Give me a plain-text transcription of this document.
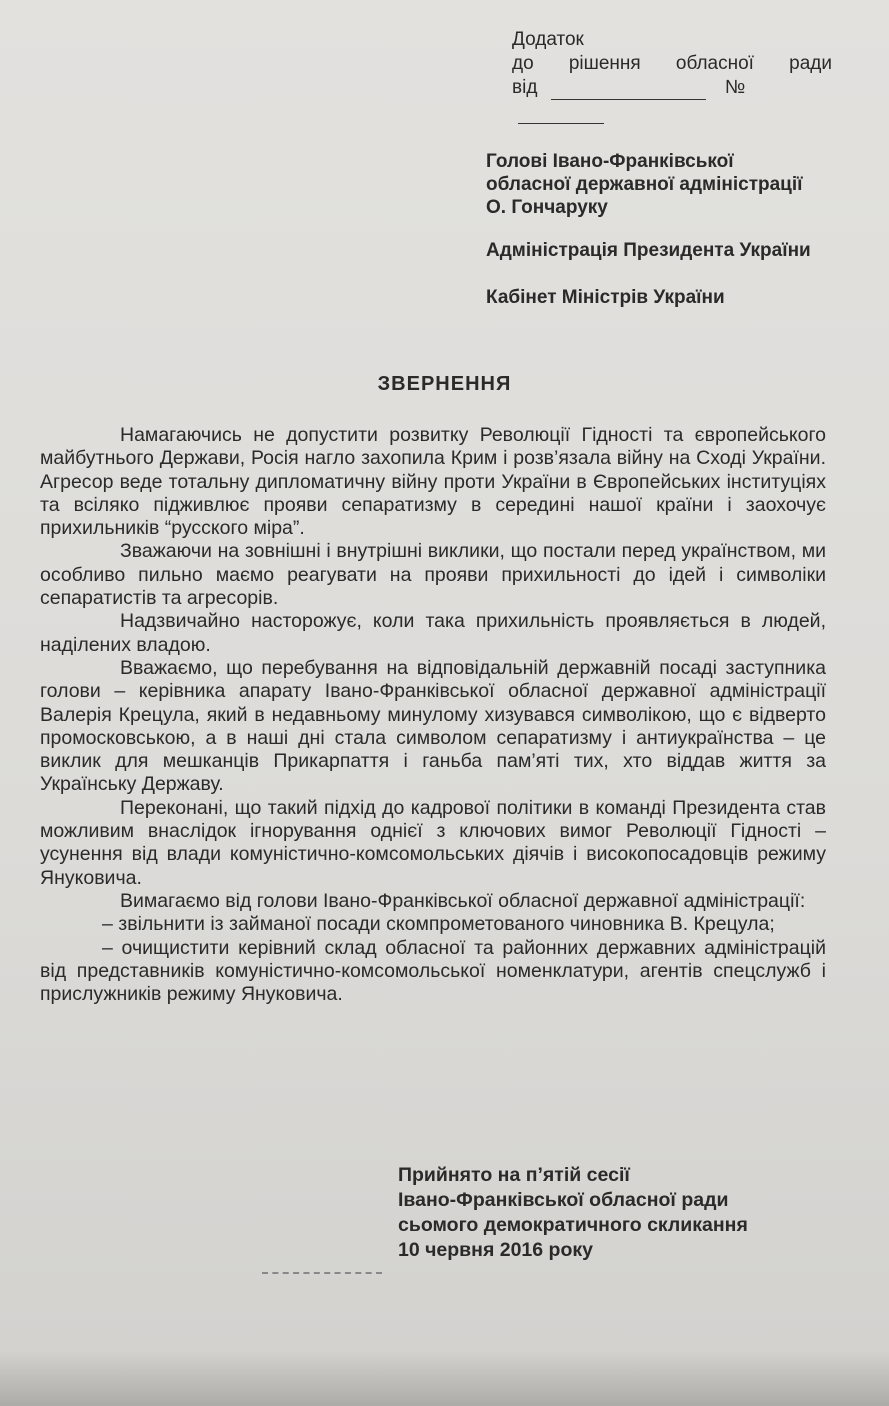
Додаток
до рішення обласної ради
від	№
Голові Івано-Франківської
обласної державної адміністрації
О. Гончаруку
Адміністрація Президента України
Кабінет Міністрів України
ЗВЕРНЕННЯ

Намагаючись не допустити розвитку Революції Гідності та європейського майбутнього Держави, Росія нагло захопила Крим і розв’язала війну на Сході України. Агресор веде тотальну дипломатичну війну проти України в Європейських інституціях та всіляко підживлює прояви сепаратизму в середині нашої країни і заохочує прихильників “русского міра”.

Зважаючи на зовнішні і внутрішні виклики, що постали перед українством, ми особливо пильно маємо реагувати на прояви прихильності до ідей і символіки сепаратистів та агресорів.

Надзвичайно насторожує, коли така прихильність проявляється в людей, наділених владою.

Вважаємо, що перебування на відповідальній державній посаді заступника голови – керівника апарату Івано-Франківської обласної державної адміністрації Валерія Крецула, який в недавньому минулому хизувався символікою, що є відверто промосковською, а в наші дні стала символом сепаратизму і антиукраїнства – це виклик для мешканців Прикарпаття і ганьба пам’яті тих, хто віддав життя за Українську Державу.

Переконані, що такий підхід до кадрової політики в команді Президента став можливим внаслідок ігнорування однієї з ключових вимог Революції Гідності – усунення від влади комуністично-комсомольських діячів і високопосадовців режиму Януковича.

Вимагаємо від голови Івано-Франківської обласної державної адміністрації:

– звільнити із займаної посади скомпрометованого чиновника В. Крецула;

– очищистити керівний склад обласної та районних державних адміністрацій від представників комуністично-комсомольської номенклатури, агентів спецслужб і прислужників режиму Януковича.

Прийнято на п’ятій сесії
Івано-Франківської обласної ради
сьомого демократичного скликання
10 червня 2016 року
